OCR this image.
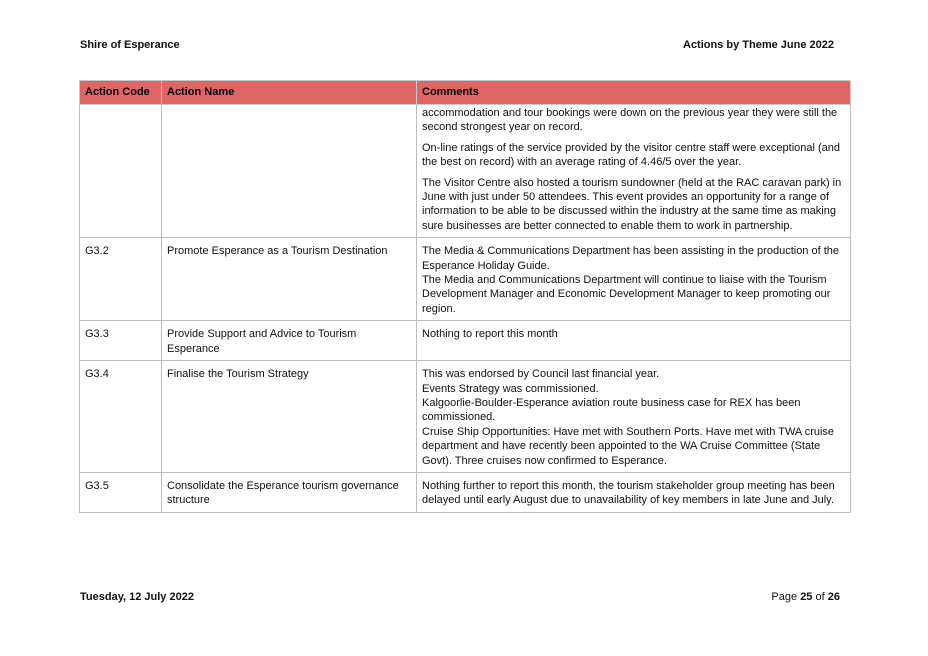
Shire of Esperance	Actions by Theme June 2022
Action Code	Action Name	Comments

		accommodation and tour bookings were down on the previous year they were still the second strongest year on record.
On-line ratings of the service provided by the visitor centre staff were exceptional (and the best on record) with an average rating of 4.46/5 over the year.
The Visitor Centre also hosted a tourism sundowner (held at the RAC caravan park) in June with just under 50 attendees. This event provides an opportunity for a range of information to be able to be discussed within the industry at the same time as making sure businesses are better connected to enable them to work in partnership.

G3.2	Promote Esperance as a Tourism Destination	The Media & Communications Department has been assisting in the production of the Esperance Holiday Guide.
The Media and Communications Department will continue to liaise with the Tourism Development Manager and Economic Development Manager to keep promoting our region.

G3.3	Provide Support and Advice to Tourism Esperance	Nothing to report this month

G3.4	Finalise the Tourism Strategy	This was endorsed by Council last financial year.
Events Strategy was commissioned.
Kalgoorlie-Boulder-Esperance aviation route business case for REX has been commissioned.
Cruise Ship Opportunities: Have met with Southern Ports. Have met with TWA cruise department and have recently been appointed to the WA Cruise Committee (State Govt). Three cruises now confirmed to Esperance.

G3.5	Consolidate the Esperance tourism governance structure	Nothing further to report this month, the tourism stakeholder group meeting has been delayed until early August due to unavailability of key members in late June and July.
Tuesday, 12 July 2022	Page 25 of 26
